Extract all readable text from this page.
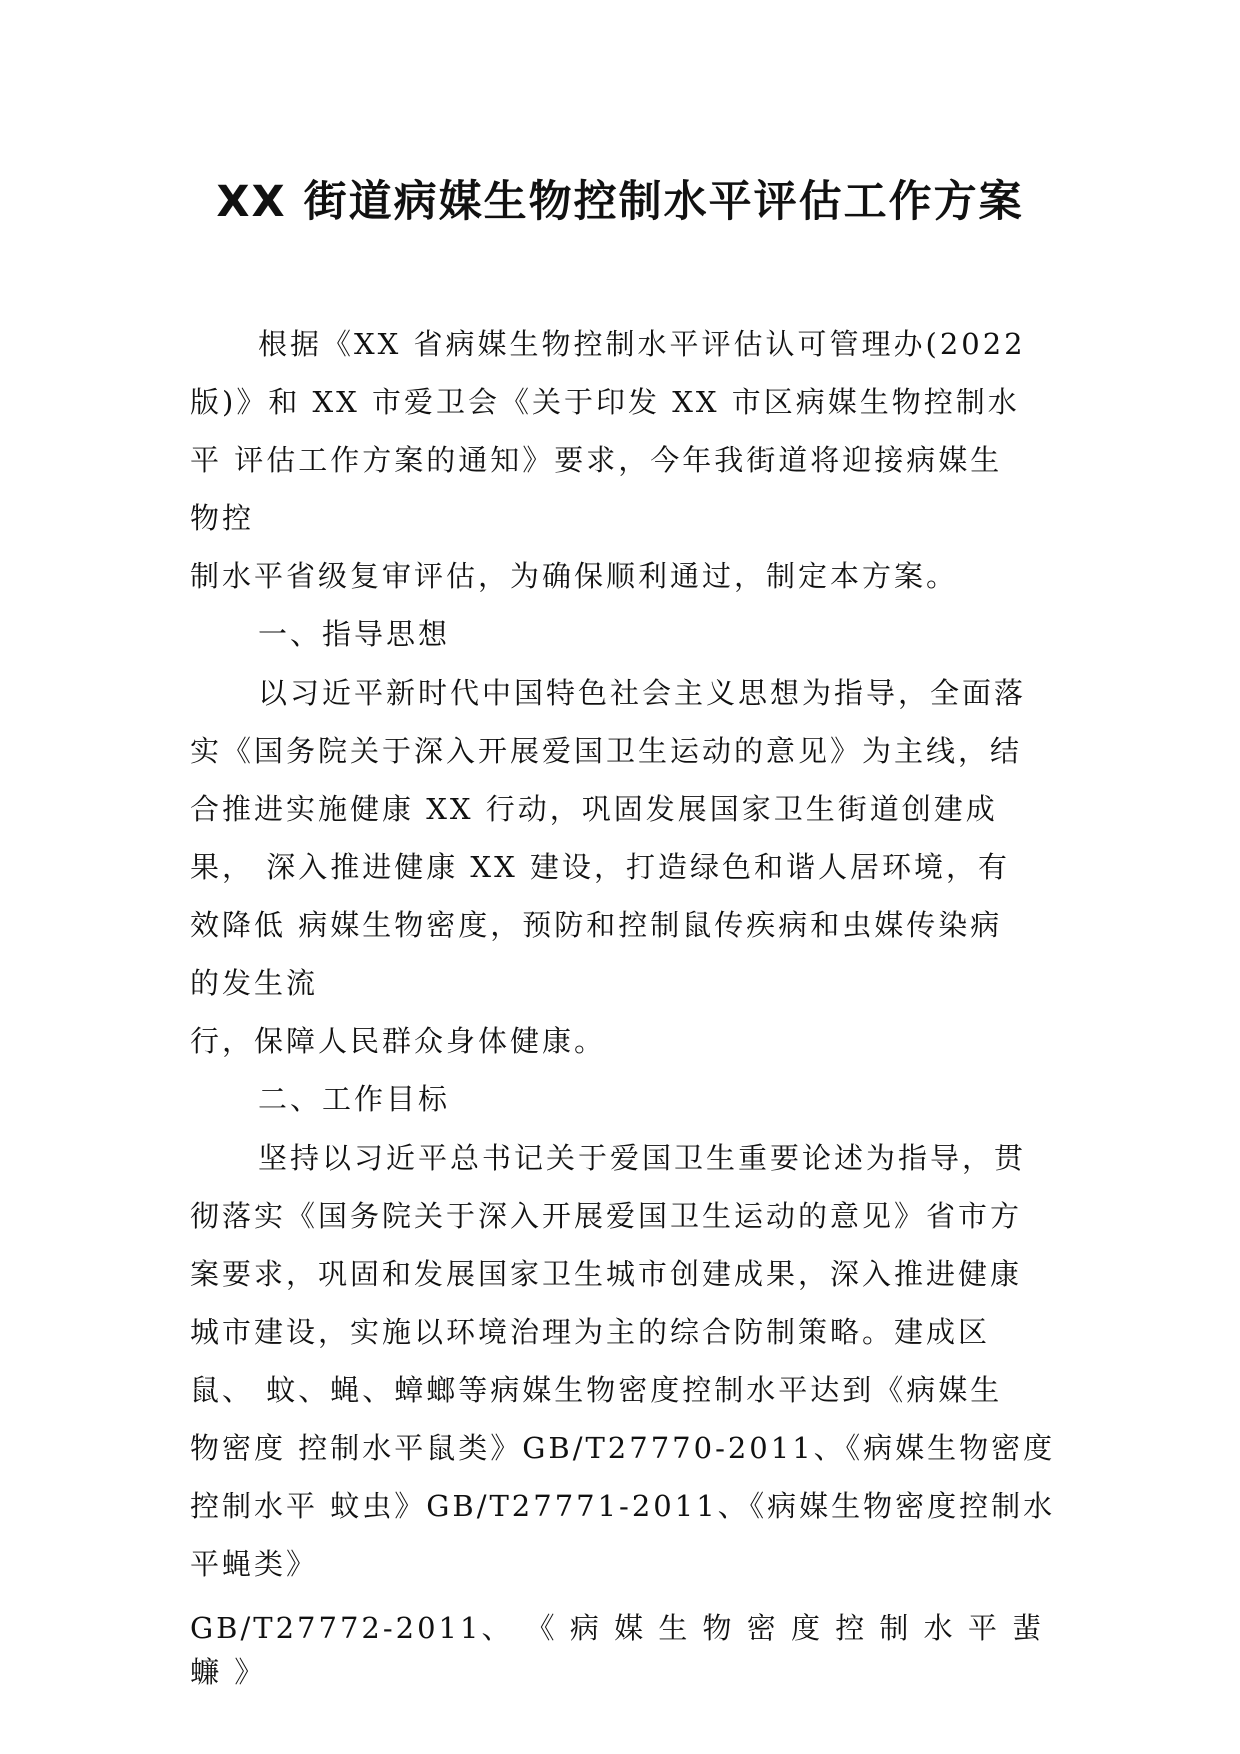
XX 街道病媒生物控制水平评估工作方案

根据《XX 省病媒生物控制水平评估认可管理办(2022

版)》和 XX 市爱卫会《关于印发 XX 市区病媒生物控制水

平 评估工作方案的通知》要求，今年我街道将迎接病媒生

物控

制水平省级复审评估，为确保顺利通过，制定本方案。

一、指导思想

以习近平新时代中国特色社会主义思想为指导，全面落

实《国务院关于深入开展爱国卫生运动的意见》为主线，结

合推进实施健康 XX 行动，巩固发展国家卫生街道创建成

果， 深入推进健康 XX 建设，打造绿色和谐人居环境，有

效降低 病媒生物密度，预防和控制鼠传疾病和虫媒传染病

的发生流

行，保障人民群众身体健康。

二、工作目标

坚持以习近平总书记关于爱国卫生重要论述为指导，贯

彻落实《国务院关于深入开展爱国卫生运动的意见》省市方

案要求，巩固和发展国家卫生城市创建成果，深入推进健康

城市建设，实施以环境治理为主的综合防制策略。建成区

鼠、 蚊、蝇、蟑螂等病媒生物密度控制水平达到《病媒生

物密度 控制水平鼠类》GB/T27770-2011、《病媒生物密度

控制水平 蚊虫》GB/T27771-2011、《病媒生物密度控制水

平蝇类》

GB/T27772-2011、 《 病 媒 生 物 密 度 控 制 水 平 蜚

蠊 》
